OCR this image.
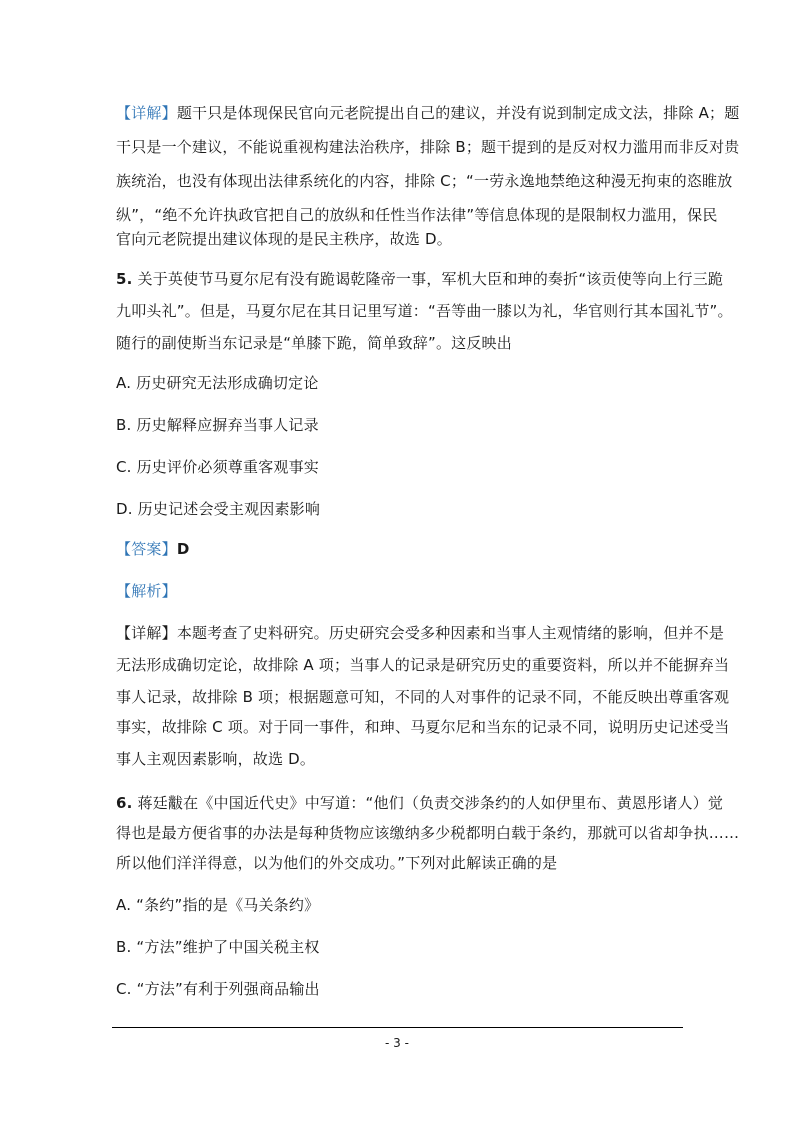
【详解】题干只是体现保民官向元老院提出自己的建议，并没有说到制定成文法，排除 A；题
干只是一个建议，不能说重视构建法治秩序，排除 B；题干提到的是反对权力滥用而非反对贵
族统治，也没有体现出法律系统化的内容，排除 C；“一劳永逸地禁绝这种漫无拘束的恣睢放
纵”，“绝不允许执政官把自己的放纵和任性当作法律”等信息体现的是限制权力滥用，保民
官向元老院提出建议体现的是民主秩序，故选 D。
5. 关于英使节马夏尔尼有没有跪谒乾隆帝一事，军机大臣和珅的奏折“该贡使等向上行三跪
九叩头礼”。但是，马夏尔尼在其日记里写道：“吾等曲一膝以为礼，华官则行其本国礼节”。
随行的副使斯当东记录是“单膝下跪，简单致辞”。这反映出
A. 历史研究无法形成确切定论
B. 历史解释应摒弃当事人记录
C. 历史评价必须尊重客观事实
D. 历史记述会受主观因素影响
【答案】D
【解析】
【详解】本题考查了史料研究。历史研究会受多种因素和当事人主观情绪的影响，但并不是
无法形成确切定论，故排除 A 项；当事人的记录是研究历史的重要资料，所以并不能摒弃当
事人记录，故排除 B 项；根据题意可知，不同的人对事件的记录不同，不能反映出尊重客观
事实，故排除 C 项。对于同一事件，和珅、马夏尔尼和当东的记录不同，说明历史记述受当
事人主观因素影响，故选 D。
6. 蒋廷黻在《中国近代史》中写道：“他们（负责交涉条约的人如伊里布、黄恩彤诸人）觉
得也是最方便省事的办法是每种货物应该缴纳多少税都明白载于条约，那就可以省却争执……
所以他们洋洋得意，以为他们的外交成功。”下列对此解读正确的是
A. “条约”指的是《马关条约》
B. “方法”维护了中国关税主权
C. “方法”有利于列强商品输出
- 3 -
